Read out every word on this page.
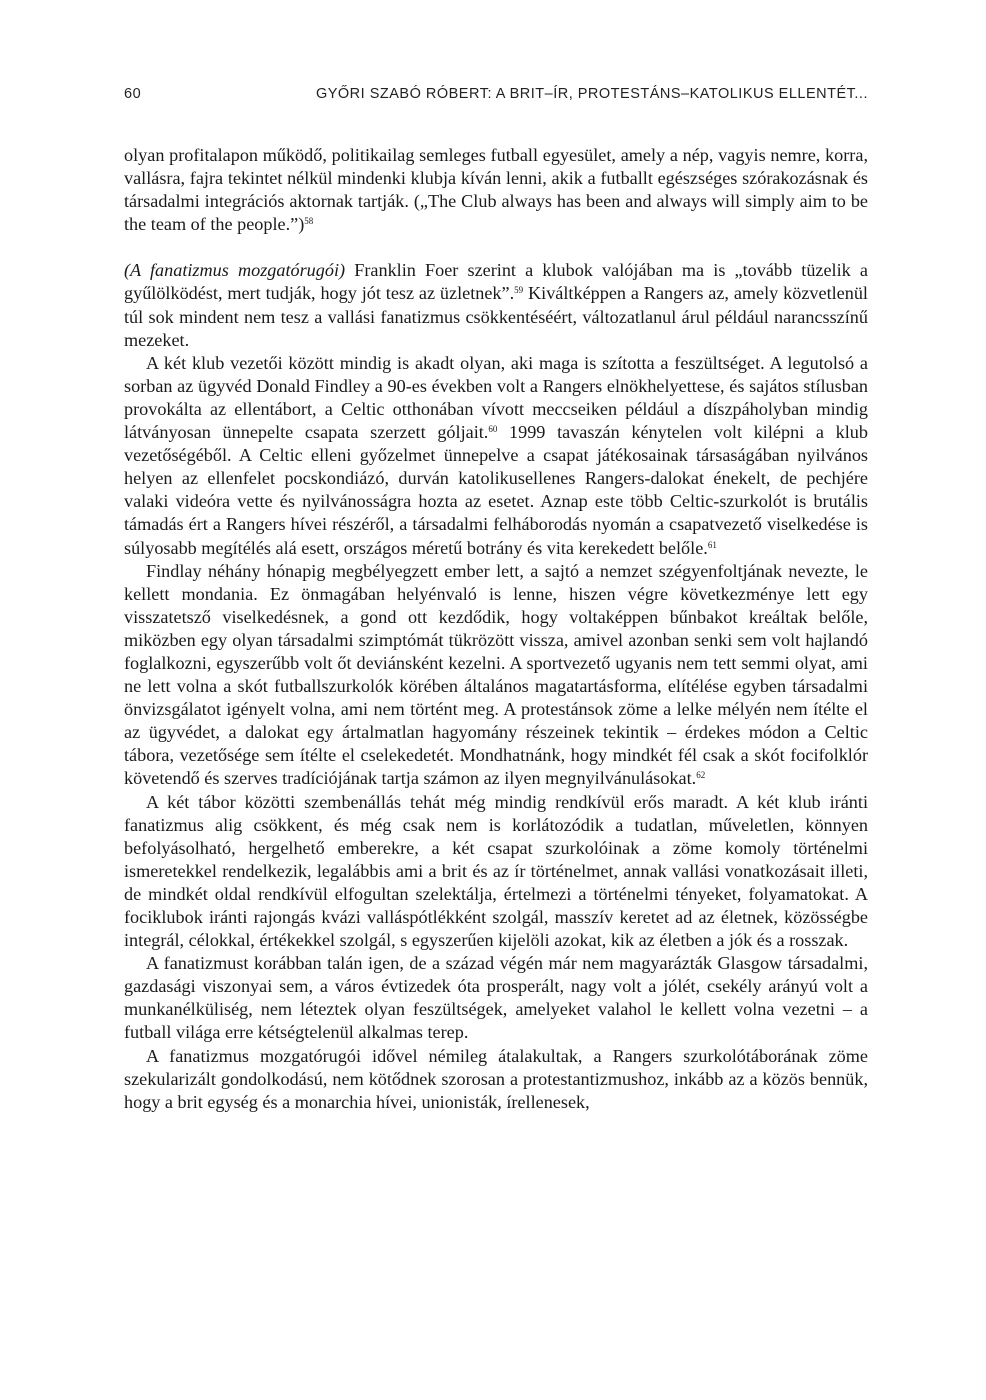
60	GYŐRI SZABÓ RÓBERT: A BRIT–ÍR, PROTESTÁNS–KATOLIKUS ELLENTÉT...

olyan profitalapon működő, politikailag semleges futball egyesület, amely a nép, vagyis nemre, korra, vallásra, fajra tekintet nélkül mindenki klubja kíván lenni, akik a futballt egészséges szórakozásnak és társadalmi integrációs aktornak tartják. („The Club always has been and always will simply aim to be the team of the people.”)$^{58}$

(A fanatizmus mozgatórugói) Franklin Foer szerint a klubok valójában ma is „tovább tüzelik a gyűlölködést, mert tudják, hogy jót tesz az üzletnek”.$^{59}$ Kiváltképpen a Rangers az, amely közvetlenül túl sok mindent nem tesz a vallási fanatizmus csökkentéséért, változatlanul árul például narancsszínű mezeket.

A két klub vezetői között mindig is akadt olyan, aki maga is szította a feszültséget. A legutolsó a sorban az ügyvéd Donald Findley a 90-es években volt a Rangers elnökhelyettese, és sajátos stílusban provokálta az ellentábort, a Celtic otthonában vívott meccseiken például a díszpáholyban mindig látványosan ünnepelte csapata szerzett góljait.$^{60}$ 1999 tavaszán kénytelen volt kilépni a klub vezetőségéből. A Celtic elleni győzelmet ünnepelve a csapat játékosainak társaságában nyilvános helyen az ellenfelet pocskondiázó, durván katolikusellenes Rangers-dalokat énekelt, de pechjére valaki videóra vette és nyilvánosságra hozta az esetet. Aznap este több Celtic-szurkolót is brutális támadás ért a Rangers hívei részéről, a társadalmi felháborodás nyomán a csapatvezető viselkedése is súlyosabb megítélés alá esett, országos méretű botrány és vita kerekedett belőle.$^{61}$

Findlay néhány hónapig megbélyegzett ember lett, a sajtó a nemzet szégyenfoltjának nevezte, le kellett mondania. Ez önmagában helyénvaló is lenne, hiszen végre következménye lett egy visszatetsző viselkedésnek, a gond ott kezdődik, hogy voltaképpen bűnbakot kreáltak belőle, miközben egy olyan társadalmi szimptómát tükrözött vissza, amivel azonban senki sem volt hajlandó foglalkozni, egyszerűbb volt őt deviánsként kezelni. A sportvezető ugyanis nem tett semmi olyat, ami ne lett volna a skót futballszurkolók körében általános magatartásforma, elítélése egyben társadalmi önvizsgálatot igényelt volna, ami nem történt meg. A protestánsok zöme a lelke mélyén nem ítélte el az ügyvédet, a dalokat egy ártalmatlan hagyomány részeinek tekintik – érdekes módon a Celtic tábora, vezetősége sem ítélte el cselekedetét. Mondhatnánk, hogy mindkét fél csak a skót focifolklór követendő és szerves tradíciójának tartja számon az ilyen megnyilvánulásokat.$^{62}$

A két tábor közötti szembenállás tehát még mindig rendkívül erős maradt. A két klub iránti fanatizmus alig csökkent, és még csak nem is korlátozódik a tudatlan, műveletlen, könnyen befolyásolható, hergelhető emberekre, a két csapat szurkolóinak a zöme komoly történelmi ismeretekkel rendelkezik, legalábbis ami a brit és az ír történelmet, annak vallási vonatkozásait illeti, de mindkét oldal rendkívül elfogultan szelektálja, értelmezi a történelmi tényeket, folyamatokat. A fociklubok iránti rajongás kvázi valláspótlékként szolgál, masszív keretet ad az életnek, közösségbe integrál, célokkal, értékekkel szolgál, s egyszerűen kijelöli azokat, kik az életben a jók és a rosszak.

A fanatizmust korábban talán igen, de a század végén már nem magyarázták Glasgow társadalmi, gazdasági viszonyai sem, a város évtizedek óta prosperált, nagy volt a jólét, csekély arányú volt a munkanélküliség, nem léteztek olyan feszültségek, amelyeket valahol le kellett volna vezetni – a futball világa erre kétségtelenül alkalmas terep.

A fanatizmus mozgatórugói idővel némileg átalakultak, a Rangers szurkolótáborának zöme szekularizált gondolkodású, nem kötődnek szorosan a protestantizmushoz, inkább az a közös bennük, hogy a brit egység és a monarchia hívei, unionisták, írellenesek,
